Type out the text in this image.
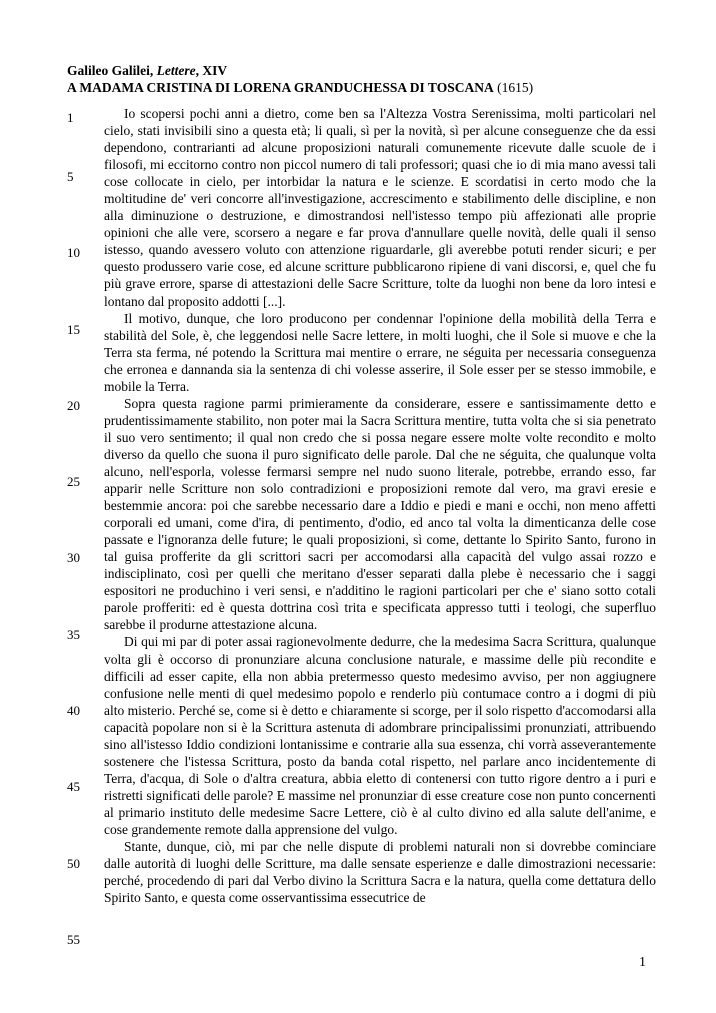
Galileo Galilei, Lettere, XIV
A MADAMA CRISTINA DI LORENA GRANDUCHESSA DI TOSCANA (1615)
1
5
10
15
20
25
30
35
40
45
50
55

Io scopersi pochi anni a dietro, come ben sa l'Altezza Vostra Serenissima, molti particolari nel cielo, stati invisibili sino a questa età; li quali, sì per la novità, sì per alcune conseguenze che da essi dependono, contrarianti ad alcune proposizioni naturali comunemente ricevute dalle scuole de i filosofi, mi eccitorno contro non piccol numero di tali professori; quasi che io di mia mano avessi tali cose collocate in cielo, per intorbidar la natura e le scienze. E scordatisi in certo modo che la moltitudine de' veri concorre all'investigazione, accrescimento e stabilimento delle discipline, e non alla diminuzione o destruzione, e dimostrandosi nell'istesso tempo più affezionati alle proprie opinioni che alle vere, scorsero a negare e far prova d'annullare quelle novità, delle quali il senso istesso, quando avessero voluto con attenzione riguardarle, gli averebbe potuti render sicuri; e per questo produssero varie cose, ed alcune scritture pubblicarono ripiene di vani discorsi, e, quel che fu più grave errore, sparse di attestazioni delle Sacre Scritture, tolte da luoghi non bene da loro intesi e lontano dal proposito addotti [...].

Il motivo, dunque, che loro producono per condennar l'opinione della mobilità della Terra e stabilità del Sole, è, che leggendosi nelle Sacre lettere, in molti luoghi, che il Sole si muove e che la Terra sta ferma, né potendo la Scrittura mai mentire o errare, ne séguita per necessaria conseguenza che erronea e dannanda sia la sentenza di chi volesse asserire, il Sole esser per se stesso immobile, e mobile la Terra.

Sopra questa ragione parmi primieramente da considerare, essere e santissimamente detto e prudentissimamente stabilito, non poter mai la Sacra Scrittura mentire, tutta volta che si sia penetrato il suo vero sentimento; il qual non credo che si possa negare essere molte volte recondito e molto diverso da quello che suona il puro significato delle parole. Dal che ne séguita, che qualunque volta alcuno, nell'esporla, volesse fermarsi sempre nel nudo suono literale, potrebbe, errando esso, far apparir nelle Scritture non solo contradizioni e proposizioni remote dal vero, ma gravi eresie e bestemmie ancora: poi che sarebbe necessario dare a Iddio e piedi e mani e occhi, non meno affetti corporali ed umani, come d'ira, di pentimento, d'odio, ed anco tal volta la dimenticanza delle cose passate e l'ignoranza delle future; le quali proposizioni, sì come, dettante lo Spirito Santo, furono in tal guisa profferite da gli scrittori sacri per accomodarsi alla capacità del vulgo assai rozzo e indisciplinato, così per quelli che meritano d'esser separati dalla plebe è necessario che i saggi espositori ne produchino i veri sensi, e n'additino le ragioni particolari per che e' siano sotto cotali parole profferiti: ed è questa dottrina così trita e specificata appresso tutti i teologi, che superfluo sarebbe il produrne attestazione alcuna.

Di qui mi par di poter assai ragionevolmente dedurre, che la medesima Sacra Scrittura, qualunque volta gli è occorso di pronunziare alcuna conclusione naturale, e massime delle più recondite e difficili ad esser capite, ella non abbia pretermesso questo medesimo avviso, per non aggiugnere confusione nelle menti di quel medesimo popolo e renderlo più contumace contro a i dogmi di più alto misterio. Perché se, come si è detto e chiaramente si scorge, per il solo rispetto d'accomodarsi alla capacità popolare non si è la Scrittura astenuta di adombrare principalissimi pronunziati, attribuendo sino all'istesso Iddio condizioni lontanissime e contrarie alla sua essenza, chi vorrà asseverantemente sostenere che l'istessa Scrittura, posto da banda cotal rispetto, nel parlare anco incidentemente di Terra, d'acqua, di Sole o d'altra creatura, abbia eletto di contenersi con tutto rigore dentro a i puri e ristretti significati delle parole? E massime nel pronunziar di esse creature cose non punto concernenti al primario instituto delle medesime Sacre Lettere, ciò è al culto divino ed alla salute dell'anime, e cose grandemente remote dalla apprensione del vulgo.

Stante, dunque, ciò, mi par che nelle dispute di problemi naturali non si dovrebbe cominciare dalle autorità di luoghi delle Scritture, ma dalle sensate esperienze e dalle dimostrazioni necessarie: perché, procedendo di pari dal Verbo divino la Scrittura Sacra e la natura, quella come dettatura dello Spirito Santo, e questa come osservantissima essecutrice de

1
